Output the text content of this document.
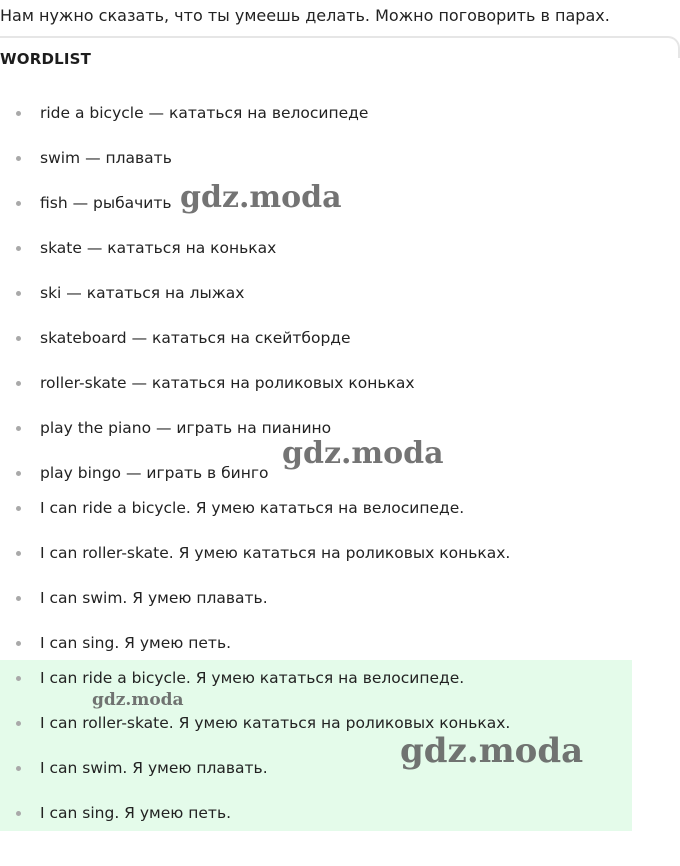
Нам нужно сказать, что ты умеешь делать. Можно поговорить в парах.
WORDLIST
ride a bicycle — кататься на велосипеде
swim — плавать
fish — рыбачить
skate — кататься на коньках
ski — кататься на лыжах
skateboard — кататься на скейтборде
roller-skate — кататься на роликовых коньках
play the piano — играть на пианино
play bingo — играть в бинго
I can ride a bicycle. Я умею кататься на велосипеде.
I can roller-skate. Я умею кататься на роликовых коньках.
I can swim. Я умею плавать.
I can sing. Я умею петь.
I can ride a bicycle. Я умею кататься на велосипеде.
I can roller-skate. Я умею кататься на роликовых коньках.
I can swim. Я умею плавать.
I can sing. Я умею петь.
gdz.moda
gdz.moda
gdz.moda
gdz.moda
